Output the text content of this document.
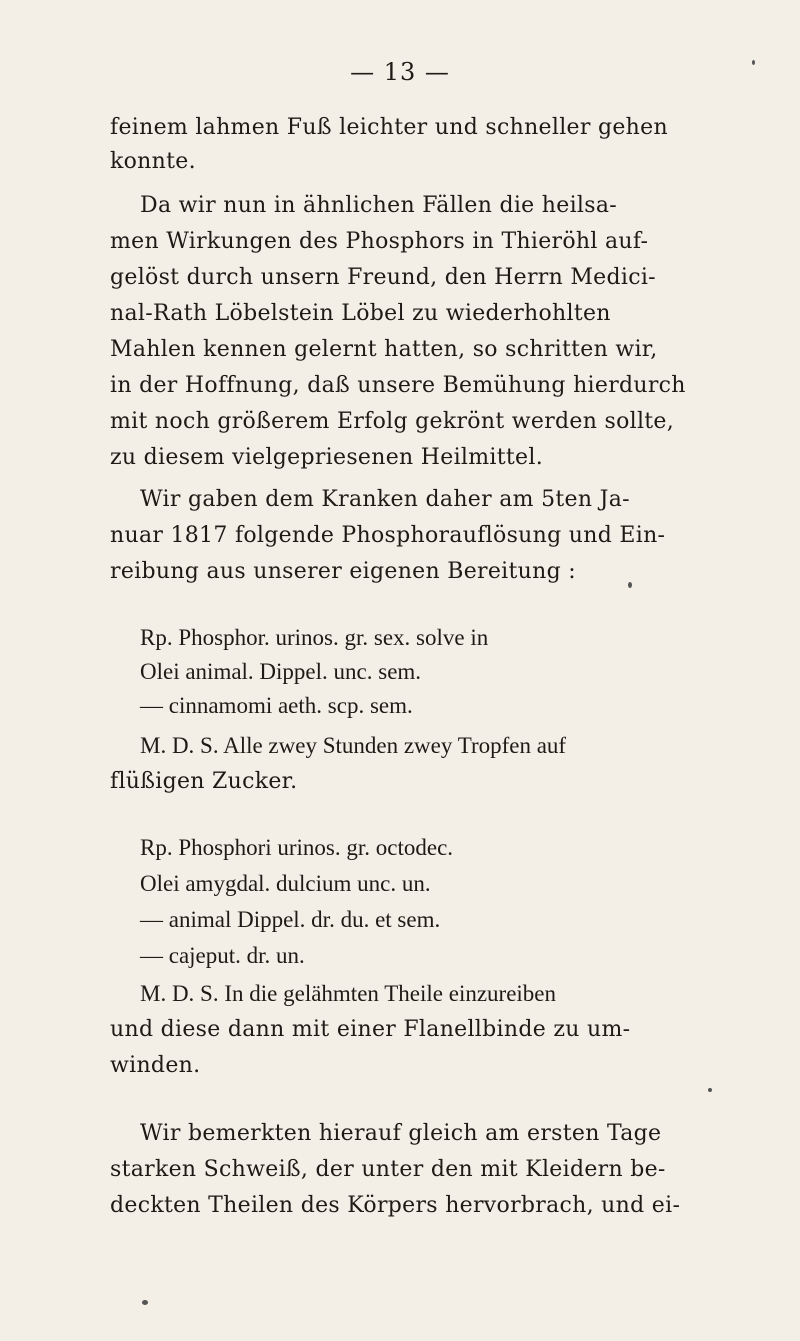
— 13 —
feinem lahmen Fuß leichter und schneller gehen
konnte.
Da wir nun in ähnlichen Fällen die heilsa-
men Wirkungen des Phosphors in Thieröhl auf-
gelöst durch unsern Freund, den Herrn Medici-
nal-Rath Löbelstein Löbel zu wiederhohlten
Mahlen kennen gelernt hatten, so schritten wir,
in der Hoffnung, daß unsere Bemühung hierdurch
mit noch größerem Erfolg gekrönt werden sollte,
zu diesem vielgepriesenen Heilmittel.
Wir gaben dem Kranken daher am 5ten Ja-
nuar 1817 folgende Phosphorauflösung und Ein-
reibung aus unserer eigenen Bereitung :
Rp. Phosphor. urinos. gr. sex. solve in
Olei animal. Dippel. unc. sem.
— cinnamomi aeth. scp. sem.
M. D. S. Alle zwey Stunden zwey Tropfen auf
flüßigen Zucker.
Rp. Phosphori urinos. gr. octodec.
Olei amygdal. dulcium unc. un.
— animal Dippel. dr. du. et sem.
— cajeput. dr. un.
M. D. S. In die gelähmten Theile einzureiben
und diese dann mit einer Flanellbinde zu um-
winden.
Wir bemerkten hierauf gleich am ersten Tage
starken Schweiß, der unter den mit Kleidern be-
deckten Theilen des Körpers hervorbrach, und ei-
